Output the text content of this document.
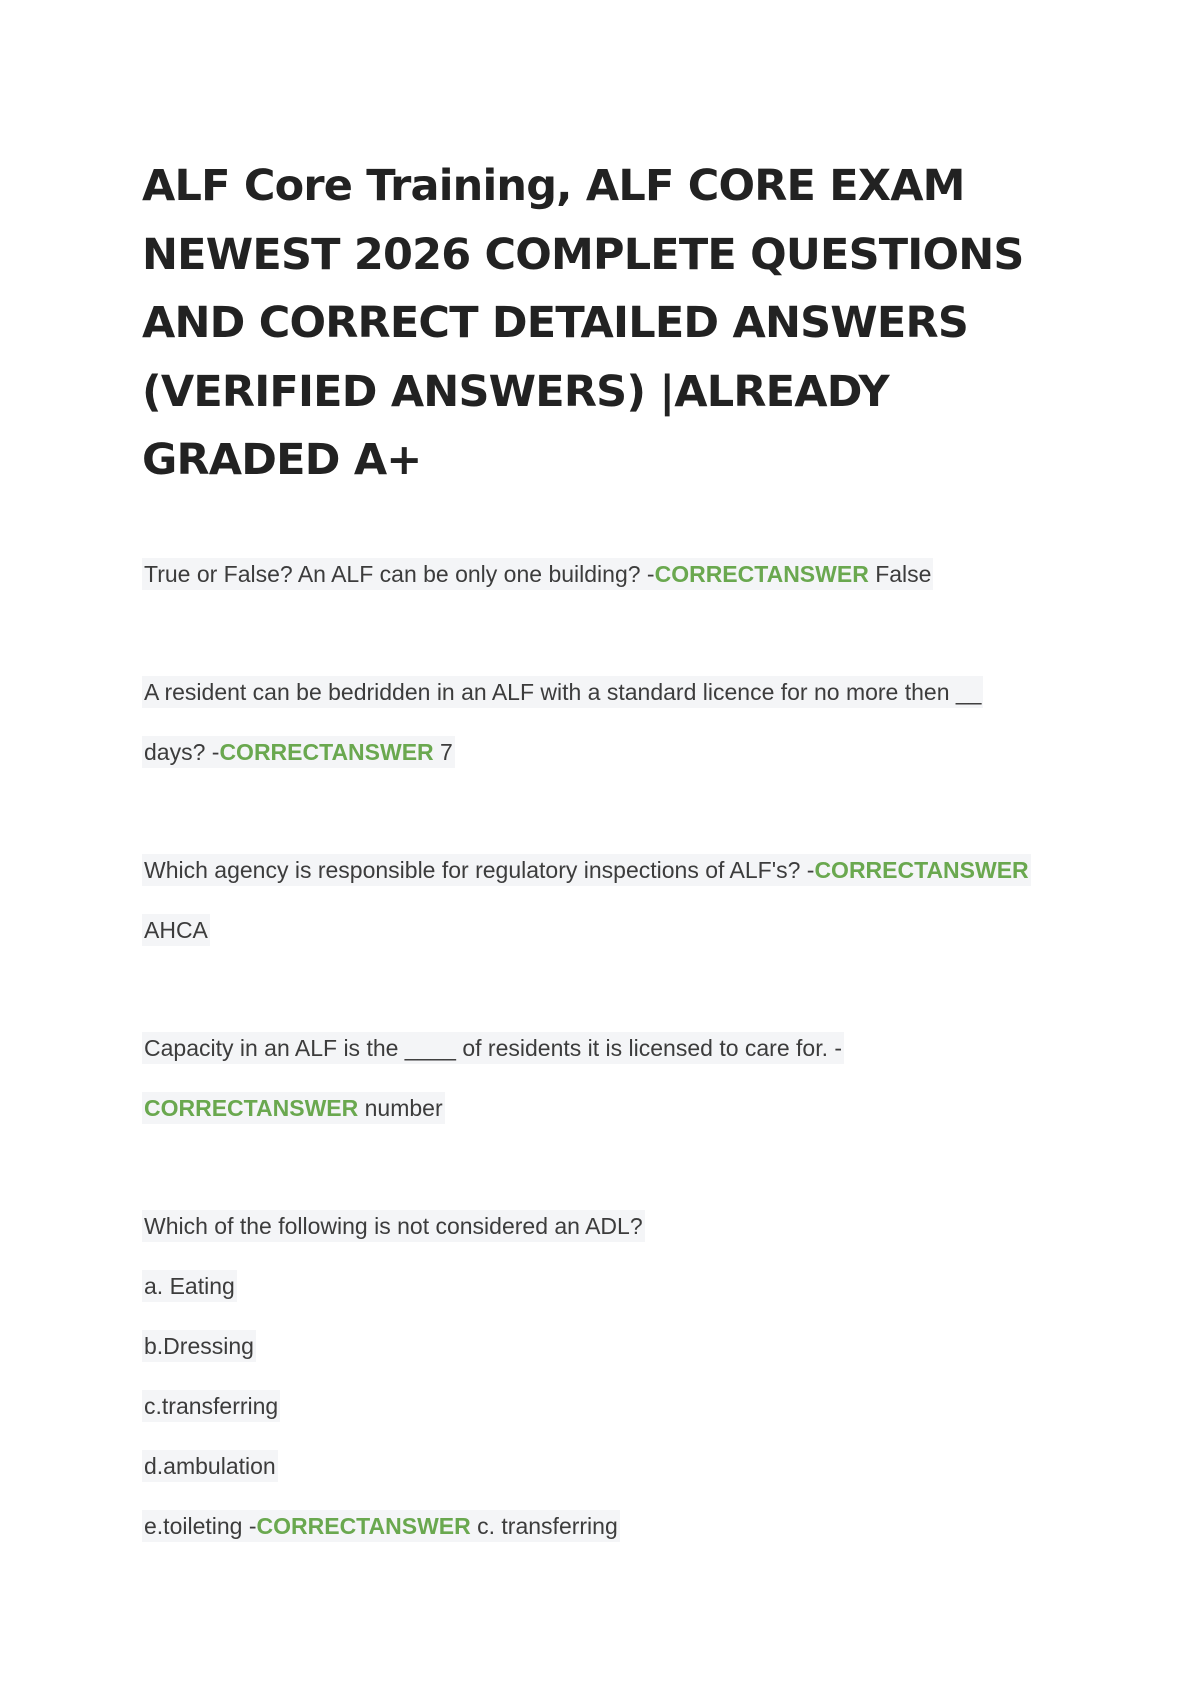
ALF Core Training, ALF CORE EXAM NEWEST 2026 COMPLETE QUESTIONS AND CORRECT DETAILED ANSWERS (VERIFIED ANSWERS) |ALREADY GRADED A+
True or False? An ALF can be only one building? -CORRECTANSWER False
A resident can be bedridden in an ALF with a standard licence for no more then __
days? -CORRECTANSWER 7
Which agency is responsible for regulatory inspections of ALF's? -CORRECTANSWER
AHCA
Capacity in an ALF is the ____ of residents it is licensed to care for. -
CORRECTANSWER number
Which of the following is not considered an ADL?
a. Eating
b.Dressing
c.transferring
d.ambulation
e.toileting -CORRECTANSWER c. transferring
